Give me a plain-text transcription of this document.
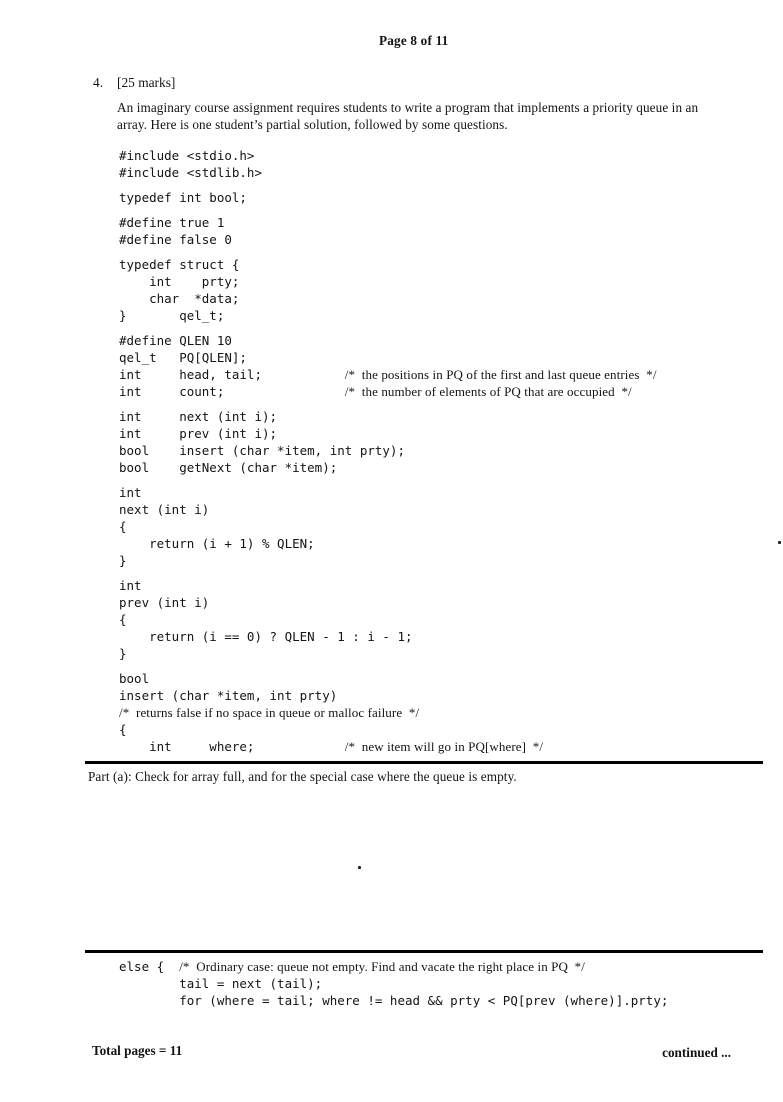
Page 8 of 11
4. [25 marks]
An imaginary course assignment requires students to write a program that implements a priority queue in an
array. Here is one student’s partial solution, followed by some questions.
#include <stdio.h>
#include <stdlib.h>
typedef int bool;
#define true 1
#define false 0
typedef struct {
int    prty;
char  *data;
}       qel_t;
#define QLEN 10
qel_t   PQ[QLEN];
int     head, tail;           /*  the positions in PQ of the first and last queue entries  */
int     count;                /*  the number of elements of PQ that are occupied  */
int     next (int i);
int     prev (int i);
bool    insert (char *item, int prty);
bool    getNext (char *item);
int
next (int i)
{
return (i + 1) % QLEN;
}
int
prev (int i)
{
return (i == 0) ? QLEN - 1 : i - 1;
}
bool
insert (char *item, int prty)
/*  returns false if no space in queue or malloc failure  */
{
int     where;            /*  new item will go in PQ[where]  */
Part (a): Check for array full, and for the special case where the queue is empty.
else {  /*  Ordinary case: queue not empty. Find and vacate the right place in PQ  */
tail = next (tail);
for (where = tail; where != head && prty < PQ[prev (where)].prty;
Total pages = 11	continued ...
